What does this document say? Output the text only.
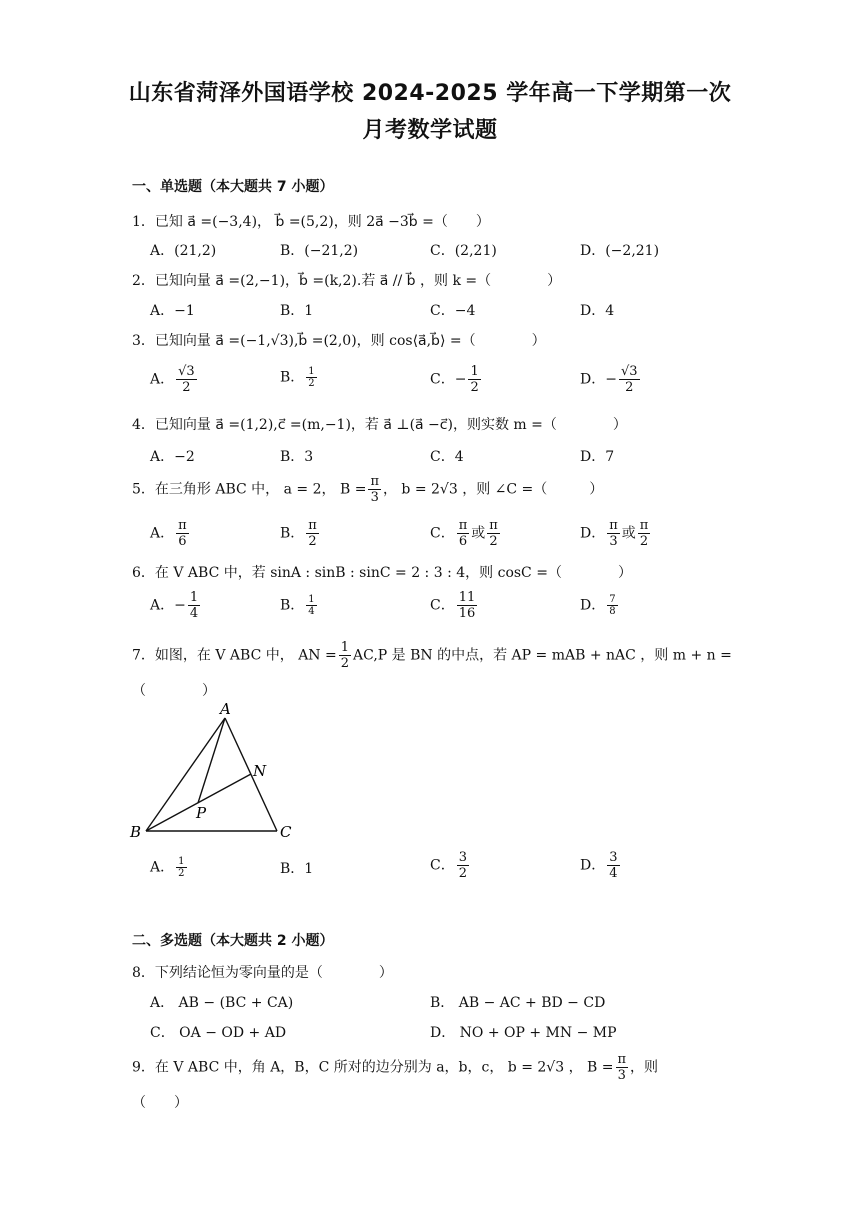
山东省菏泽外国语学校 2024-2025 学年高一下学期第一次
月考数学试题
一、单选题（本大题共 7 小题）
1．已知 a⃗ =(−3,4)， b⃗ =(5,2)，则 2a⃗ −3b⃗ =（　　）
A．(21,2)	B．(−21,2)	C．(2,21)	D．(−2,21)
2．已知向量 a⃗ =(2,−1)，b⃗ =(k,2).若 a⃗ // b⃗ ，则 k =（　　　　）
A．−1	B．1	C．−4	D．4
3．已知向量 a⃗ =(−1,√3),b⃗ =(2,0)，则 cos⟨a⃗,b⃗⟩ =（　　　　）
A． $\frac{√3}{2}$	B． $\frac{1}{2}$	C．− $\frac{1}{2}$	D．− $\frac{√3}{2}$
4．已知向量 a⃗ =(1,2),c⃗ =(m,−1)，若 a⃗ ⊥(a⃗ −c⃗)，则实数 m =（　　　　）
A．−2	B．3	C．4	D．7
5．在三角形 ABC 中， a = 2， $B = \frac{\pi}{3}$ ， b = 2√3 ，则 ∠C =（　　　）
A． $\frac{\pi}{6}$	B． $\frac{\pi}{2}$	C． $\frac{\pi}{6}$ 或 $\frac{\pi}{2}$	D． $\frac{\pi}{3}$ 或 $\frac{\pi}{2}$
6．在 V ABC 中，若 sinA : sinB : sinC = 2 : 3 : 4，则 cosC =（　　　　）
A．− $\frac{1}{4}$	B． $\frac{1}{4}$	C． $\frac{11}{16}$	D． $\frac{7}{8}$
7．如图，在 V ABC 中， AN = $\frac{1}{2} AC,P$ 是 BN 的中点，若 AP = mAB + nAC ，则 m + n =
（　　　　）
A
B	C
N
P
A． $\frac{1}{2}$	B．1	C． $\frac{3}{2}$	D． $\frac{3}{4}$
二、多选题（本大题共 2 小题）
8．下列结论恒为零向量的是（　　　　）
A． AB − (BC + CA)	B． AB − AC + BD − CD
C． OA − OD + AD	D． NO + OP + MN − MP
9．在 V ABC 中，角 A，B，C 所对的边分别为 a，b，c， b = 2√3 ， $B = \frac{\pi}{3}$ ，则
（　　）
